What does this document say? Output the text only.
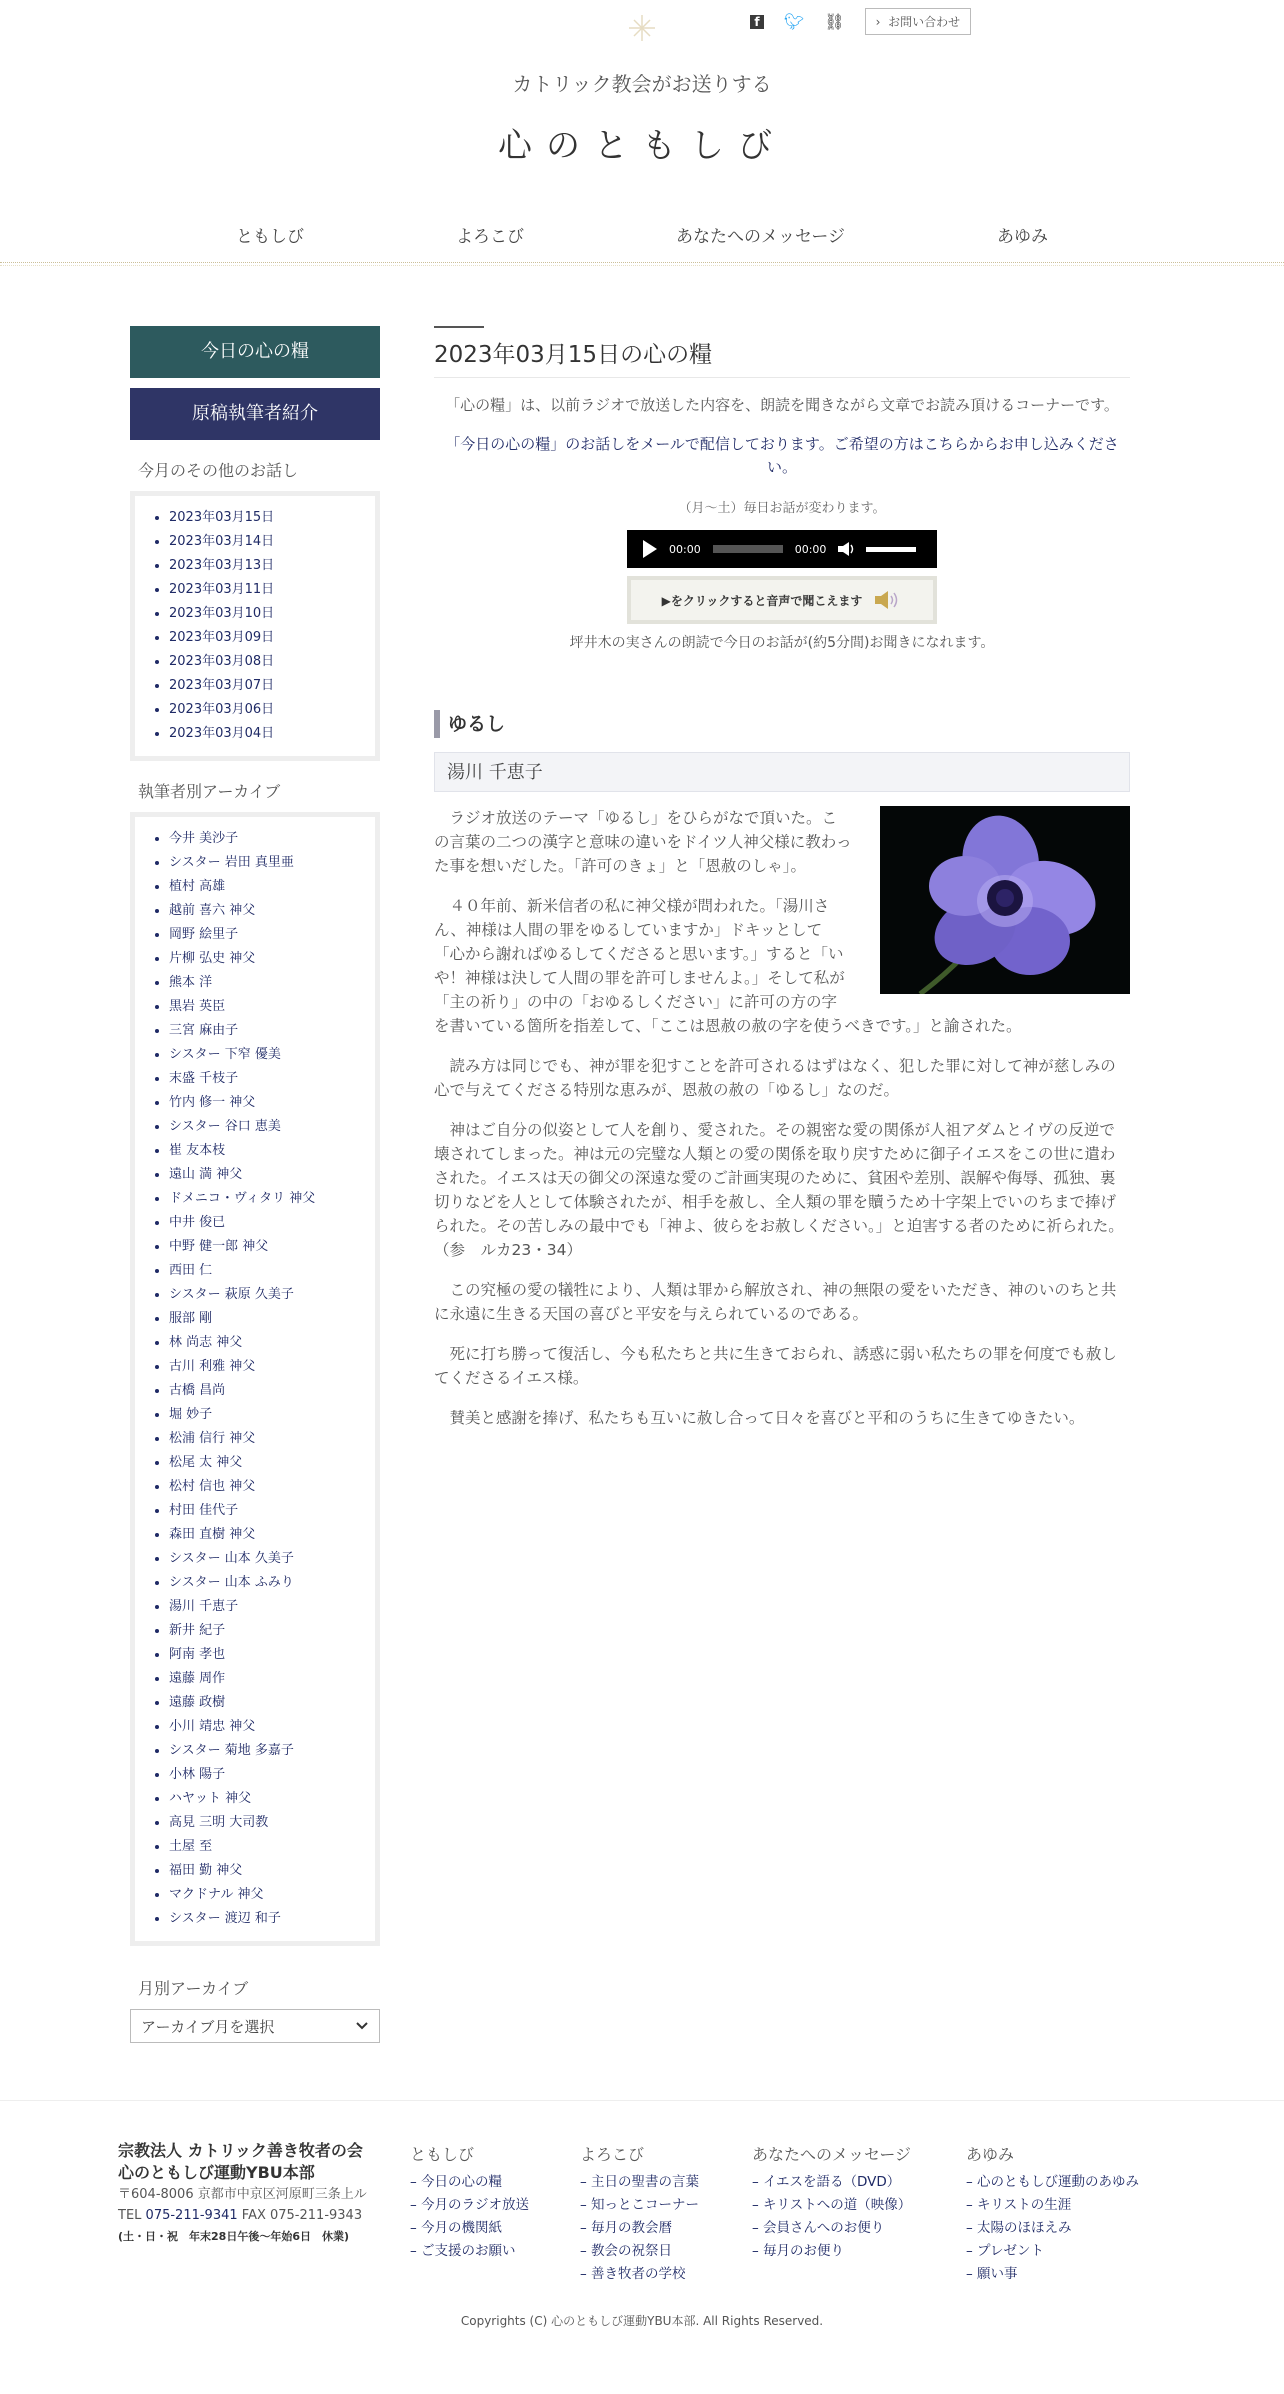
f 🐦︎ ⛓︎	›  お問い合わせ
カトリック教会がお送りする
心のともしび
ともしび	よろこび	あなたへのメッセージ	あゆみ
今日の心の糧
原稿執筆者紹介
今月のその他のお話し
• 2023年03月15日
• 2023年03月14日
• 2023年03月13日
• 2023年03月11日
• 2023年03月10日
• 2023年03月09日
• 2023年03月08日
• 2023年03月07日
• 2023年03月06日
• 2023年03月04日
執筆者別アーカイブ
• 今井 美沙子
• シスター 岩田 真里亜
• 植村 高雄
• 越前 喜六 神父
• 岡野 絵里子
• 片柳 弘史 神父
• 熊本 洋
• 黒岩 英臣
• 三宮 麻由子
• シスター 下窄 優美
• 末盛 千枝子
• 竹内 修一 神父
• シスター 谷口 恵美
• 崔 友本枝
• 遠山 満 神父
• ドメニコ・ヴィタリ 神父
• 中井 俊已
• 中野 健一郎 神父
• 西田 仁
• シスター 萩原 久美子
• 服部 剛
• 林 尚志 神父
• 古川 利雅 神父
• 古橋 昌尚
• 堀 妙子
• 松浦 信行 神父
• 松尾 太 神父
• 松村 信也 神父
• 村田 佳代子
• 森田 直樹 神父
• シスター 山本 久美子
• シスター 山本 ふみり
• 湯川 千恵子
• 新井 紀子
• 阿南 孝也
• 遠藤 周作
• 遠藤 政樹
• 小川 靖忠 神父
• シスター 菊地 多嘉子
• 小林 陽子
• ハヤット 神父
• 高見 三明 大司教
• 土屋 至
• 福田 勤 神父
• マクドナル 神父
• シスター 渡辺 和子
月別アーカイブ
アーカイブ月を選択
2023年03月15日の心の糧

「心の糧」は、以前ラジオで放送した内容を、朗読を聞きながら文章でお読み頂けるコーナーです。

「今日の心の糧」のお話しをメールで配信しております。ご希望の方はこちらからお申し込みください。

（月～土）毎日お話が変わります。

00:00	00:00
▶をクリックすると音声で聞こえます

坪井木の実さんの朗読で今日のお話が(約5分間)お聞きになれます。

ゆるし
湯川 千恵子

ラジオ放送のテーマ「ゆるし」をひらがなで頂いた。この言葉の二つの漢字と意味の違いをドイツ人神父様に教わった事を想いだした。「許可のきょ」と「恩赦のしゃ」。

４０年前、新米信者の私に神父様が問われた。「湯川さん、神様は人間の罪をゆるしていますか」ドキッとして「心から謝ればゆるしてくださると思います。」すると「いや！神様は決して人間の罪を許可しませんよ。」そして私が「主の祈り」の中の「おゆるしください」に許可の方の字を書いている箇所を指差して、「ここは恩赦の赦の字を使うべきです。」と諭された。

読み方は同じでも、神が罪を犯すことを許可されるはずはなく、犯した罪に対して神が慈しみの心で与えてくださる特別な恵みが、恩赦の赦の「ゆるし」なのだ。

神はご自分の似姿として人を創り、愛された。その親密な愛の関係が人祖アダムとイヴの反逆で壊されてしまった。神は元の完璧な人類との愛の関係を取り戻すために御子イエスをこの世に遣わされた。イエスは天の御父の深遠な愛のご計画実現のために、貧困や差別、誤解や侮辱、孤独、裏切りなどを人として体験されたが、相手を赦し、全人類の罪を贖うため十字架上でいのちまで捧げられた。その苦しみの最中でも「神よ、彼らをお赦しください。」と迫害する者のために祈られた。（参　ルカ23・34）

この究極の愛の犠牲により、人類は罪から解放され、神の無限の愛をいただき、神のいのちと共に永遠に生きる天国の喜びと平安を与えられているのである。

死に打ち勝って復活し、今も私たちと共に生きておられ、誘惑に弱い私たちの罪を何度でも赦してくださるイエス様。

賛美と感謝を捧げ、私たちも互いに赦し合って日々を喜びと平和のうちに生きてゆきたい。

宗教法人 カトリック善き牧者の会
心のともしび運動YBU本部
〒604-8006 京都市中京区河原町三条上ル
TEL 075-211-9341 FAX 075-211-9343
(土・日・祝　年末28日午後〜年始6日　休業)
ともしび
– 今日の心の糧
– 今月のラジオ放送
– 今月の機関紙
– ご支援のお願い
よろこび
– 主日の聖書の言葉
– 知っとこコーナー
– 毎月の教会暦
– 教会の祝祭日
– 善き牧者の学校
あなたへのメッセージ
– イエスを語る（DVD）
– キリストへの道（映像）
– 会員さんへのお便り
– 毎月のお便り
あゆみ
– 心のともしび運動のあゆみ
– キリストの生涯
– 太陽のほほえみ
– プレゼント
– 願い事
Copyrights (C) 心のともしび運動YBU本部. All Rights Reserved.
